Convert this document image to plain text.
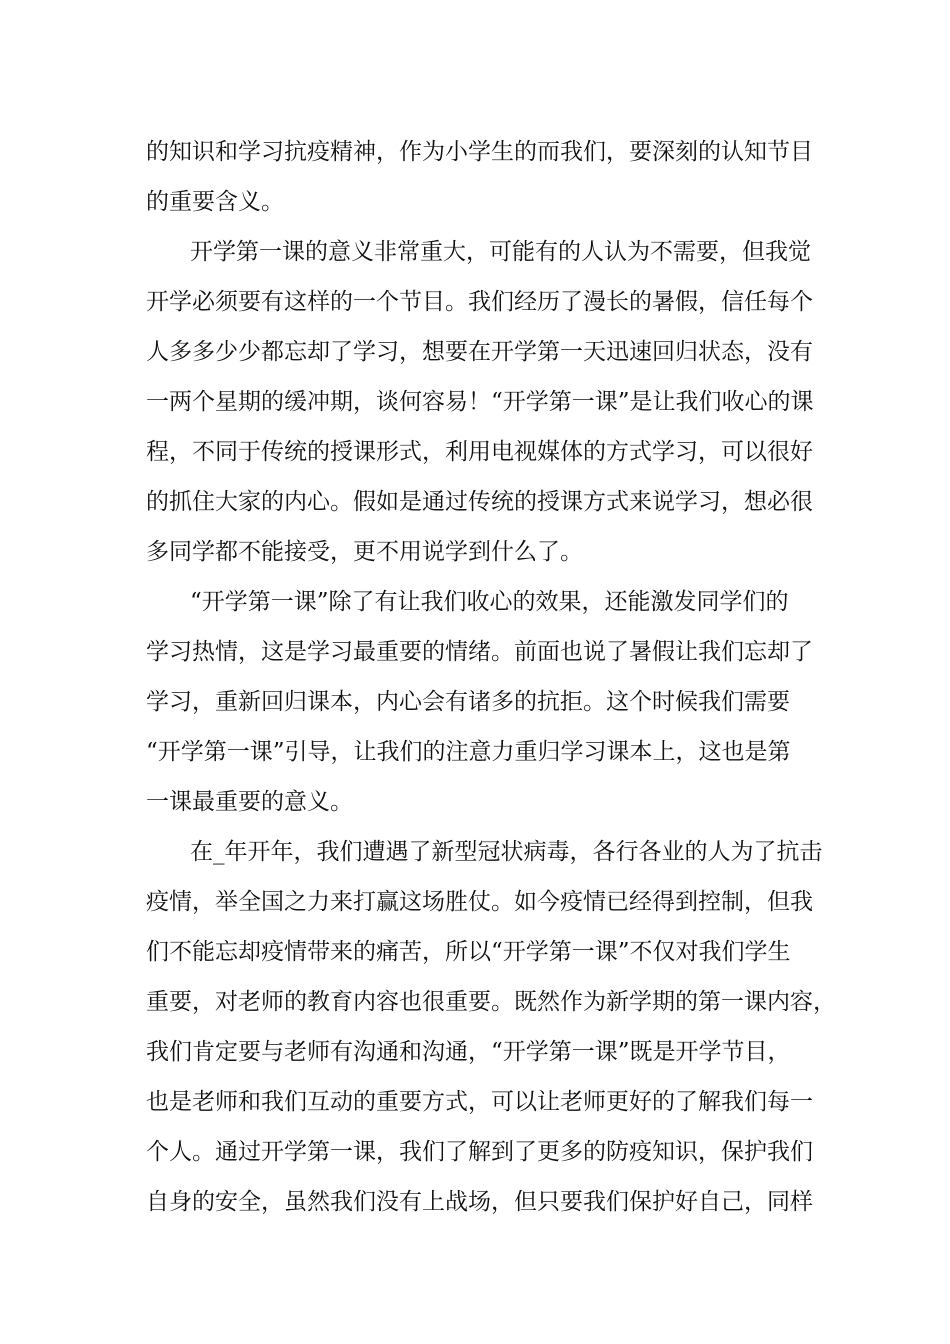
的知识和学习抗疫精神，作为小学生的而我们，要深刻的认知节目

的重要含义。

开学第一课的意义非常重大，可能有的人认为不需要，但我觉

开学必须要有这样的一个节目。我们经历了漫长的暑假，信任每个

人多多少少都忘却了学习，想要在开学第一天迅速回归状态，没有

一两个星期的缓冲期，谈何容易！“开学第一课”是让我们收心的课

程，不同于传统的授课形式，利用电视媒体的方式学习，可以很好

的抓住大家的内心。假如是通过传统的授课方式来说学习，想必很

多同学都不能接受，更不用说学到什么了。

“开学第一课”除了有让我们收心的效果，还能激发同学们的

学习热情，这是学习最重要的情绪。前面也说了暑假让我们忘却了

学习，重新回归课本，内心会有诸多的抗拒。这个时候我们需要

“开学第一课”引导，让我们的注意力重归学习课本上，这也是第

一课最重要的意义。

在_年开年，我们遭遇了新型冠状病毒，各行各业的人为了抗击

疫情，举全国之力来打赢这场胜仗。如今疫情已经得到控制，但我

们不能忘却疫情带来的痛苦，所以“开学第一课”不仅对我们学生

重要，对老师的教育内容也很重要。既然作为新学期的第一课内容，

我们肯定要与老师有沟通和沟通，“开学第一课”既是开学节目，

也是老师和我们互动的重要方式，可以让老师更好的了解我们每一

个人。通过开学第一课，我们了解到了更多的防疫知识，保护我们

自身的安全，虽然我们没有上战场，但只要我们保护好自己，同样
